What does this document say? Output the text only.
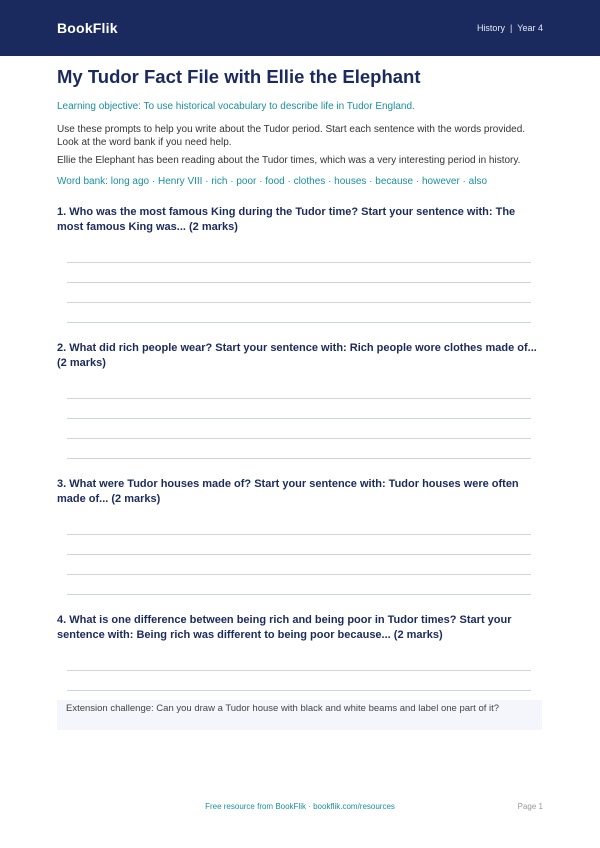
BookFlik	History | Year 4
My Tudor Fact File with Ellie the Elephant
Learning objective: To use historical vocabulary to describe life in Tudor England.
Use these prompts to help you write about the Tudor period. Start each sentence with the words provided. Look at the word bank if you need help.
Ellie the Elephant has been reading about the Tudor times, which was a very interesting period in history.
Word bank: long ago · Henry VIII · rich · poor · food · clothes · houses · because · however · also
1. Who was the most famous King during the Tudor time? Start your sentence with: The most famous King was... (2 marks)
2. What did rich people wear? Start your sentence with: Rich people wore clothes made of... (2 marks)
3. What were Tudor houses made of? Start your sentence with: Tudor houses were often made of... (2 marks)
4. What is one difference between being rich and being poor in Tudor times? Start your sentence with: Being rich was different to being poor because... (2 marks)
Extension challenge: Can you draw a Tudor house with black and white beams and label one part of it?
Free resource from BookFlik · bookflik.com/resources	Page 1
